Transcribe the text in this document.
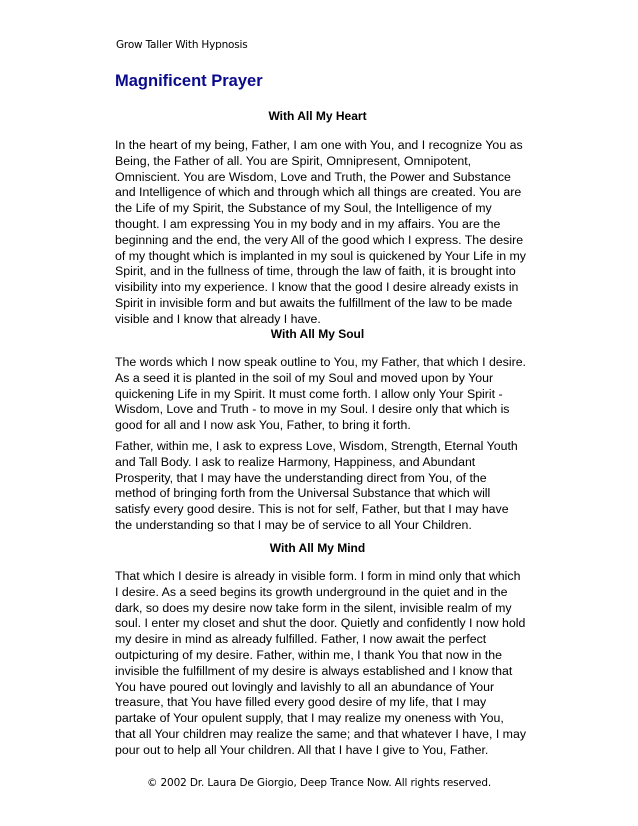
Grow Taller With Hypnosis
Magnificent Prayer
With All My Heart

In the heart of my being, Father, I am one with You, and I recognize You as Being, the Father of all. You are Spirit, Omnipresent, Omnipotent, Omniscient. You are Wisdom, Love and Truth, the Power and Substance and Intelligence of which and through which all things are created. You are the Life of my Spirit, the Substance of my Soul, the Intelligence of my thought. I am expressing You in my body and in my affairs. You are the beginning and the end, the very All of the good which I express. The desire of my thought which is implanted in my soul is quickened by Your Life in my Spirit, and in the fullness of time, through the law of faith, it is brought into visibility into my experience. I know that the good I desire already exists in Spirit in invisible form and but awaits the fulfillment of the law to be made visible and I know that already I have.

With All My Soul

The words which I now speak outline to You, my Father, that which I desire. As a seed it is planted in the soil of my Soul and moved upon by Your quickening Life in my Spirit. It must come forth. I allow only Your Spirit - Wisdom, Love and Truth - to move in my Soul. I desire only that which is good for all and I now ask You, Father, to bring it forth.

Father, within me, I ask to express Love, Wisdom, Strength, Eternal Youth and Tall Body. I ask to realize Harmony, Happiness, and Abundant Prosperity, that I may have the understanding direct from You, of the method of bringing forth from the Universal Substance that which will satisfy every good desire. This is not for self, Father, but that I may have the understanding so that I may be of service to all Your Children.

With All My Mind

That which I desire is already in visible form. I form in mind only that which I desire. As a seed begins its growth underground in the quiet and in the dark, so does my desire now take form in the silent, invisible realm of my soul. I enter my closet and shut the door. Quietly and confidently I now hold my desire in mind as already fulfilled. Father, I now await the perfect outpicturing of my desire. Father, within me, I thank You that now in the invisible the fulfillment of my desire is always established and I know that You have poured out lovingly and lavishly to all an abundance of Your treasure, that You have filled every good desire of my life, that I may partake of Your opulent supply, that I may realize my oneness with You, that all Your children may realize the same; and that whatever I have, I may pour out to help all Your children. All that I have I give to You, Father.

© 2002 Dr. Laura De Giorgio, Deep Trance Now. All rights reserved.
